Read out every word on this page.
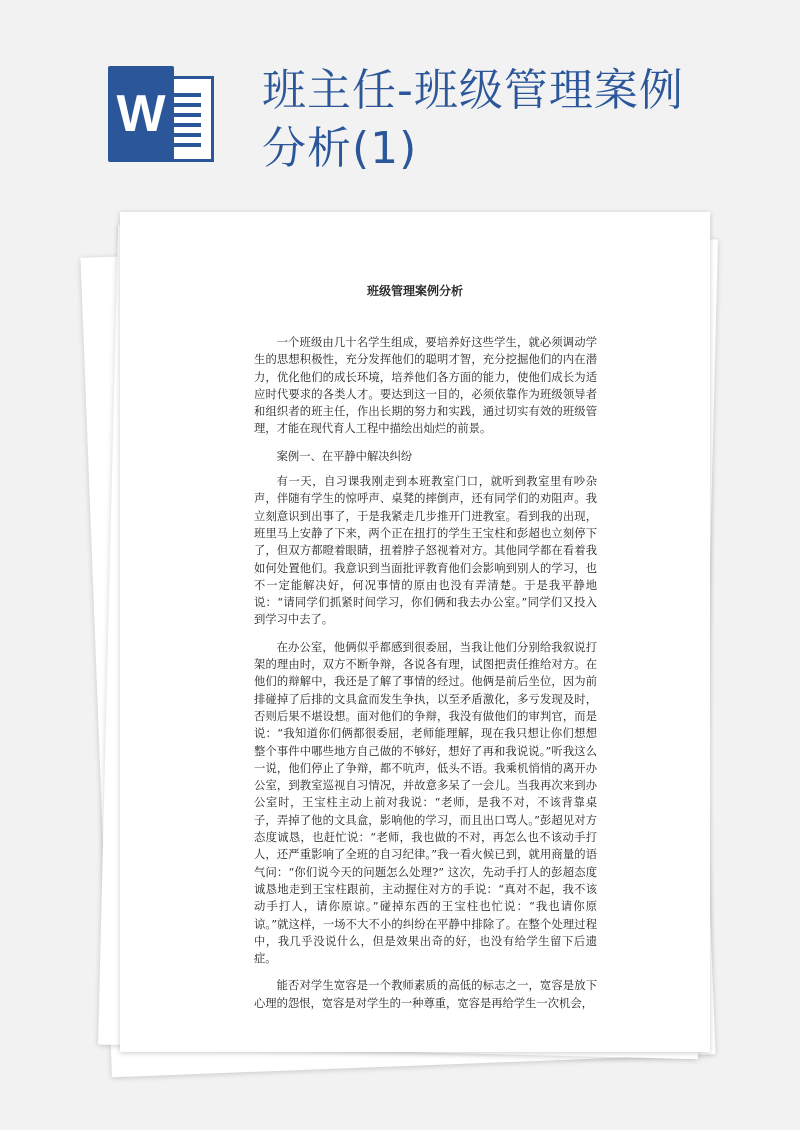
W 班主任-班级管理案例分析(1)
班级管理案例分析

一个班级由几十名学生组成，要培养好这些学生，就必须调动学生的思想积极性，充分发挥他们的聪明才智，充分挖掘他们的内在潜力，优化他们的成长环境，培养他们各方面的能力，使他们成长为适应时代要求的各类人才。要达到这一目的，必须依靠作为班级领导者和组织者的班主任，作出长期的努力和实践，通过切实有效的班级管理，才能在现代育人工程中描绘出灿烂的前景。

案例一、在平静中解决纠纷

有一天，自习课我刚走到本班教室门口，就听到教室里有吵杂声，伴随有学生的惊呼声、桌凳的摔倒声，还有同学们的劝阻声。我立刻意识到出事了，于是我紧走几步推开门进教室。看到我的出现，班里马上安静了下来，两个正在扭打的学生王宝柱和彭超也立刻停下了，但双方都瞪着眼睛，扭着脖子怒视着对方。其他同学都在看着我如何处置他们。我意识到当面批评教育他们会影响到别人的学习，也不一定能解决好，何况事情的原由也没有弄清楚。于是我平静地说：“请同学们抓紧时间学习，你们俩和我去办公室。”同学们又投入到学习中去了。

在办公室，他俩似乎都感到很委屈，当我让他们分别给我叙说打架的理由时，双方不断争辩，各说各有理，试图把责任推给对方。在他们的辩解中，我还是了解了事情的经过。他俩是前后坐位，因为前排碰掉了后排的文具盒而发生争执，以至矛盾激化，多亏发现及时，否则后果不堪设想。面对他们的争辩，我没有做他们的审判官，而是说：“我知道你们俩都很委屈，老师能理解，现在我只想让你们想想整个事件中哪些地方自己做的不够好，想好了再和我说说。”听我这么一说，他们停止了争辩，都不吭声，低头不语。我乘机悄悄的离开办公室，到教室巡视自习情况，并故意多呆了一会儿。当我再次来到办公室时，王宝柱主动上前对我说：“老师，是我不对，不该背靠桌子，弄掉了他的文具盒，影响他的学习，而且出口骂人。”彭超见对方态度诚恳，也赶忙说：“老师，我也做的不对，再怎么也不该动手打人，还严重影响了全班的自习纪律。”我一看火候已到，就用商量的语气问：“你们说今天的问题怎么处理?” 这次，先动手打人的彭超态度诚恳地走到王宝柱跟前，主动握住对方的手说：“真对不起，我不该动手打人，请你原谅。”碰掉东西的王宝柱也忙说：“我也请你原谅。”就这样，一场不大不小的纠纷在平静中排除了。在整个处理过程中，我几乎没说什么，但是效果出奇的好，也没有给学生留下后遗症。

能否对学生宽容是一个教师素质的高低的标志之一，宽容是放下心理的怨恨，宽容是对学生的一种尊重，宽容是再给学生一次机会，
